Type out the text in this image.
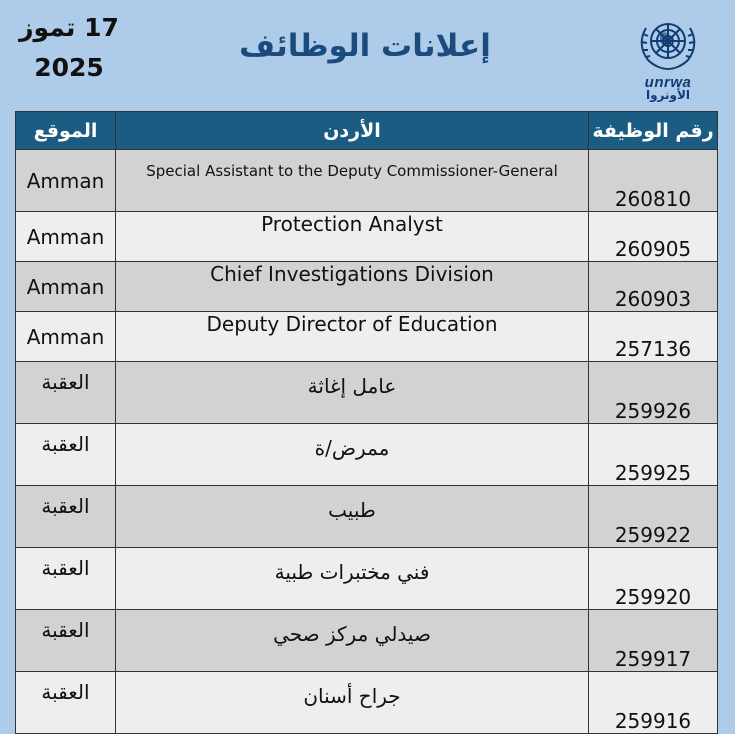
17 تموز
2025
إعلانات الوظائف
unrwa
الأونروا
الموقع	الأردن	رقم الوظيفة
Amman	Special Assistant to the Deputy Commissioner-General	260810
Amman	Protection Analyst	260905
Amman	Chief Investigations Division	260903
Amman	Deputy Director of Education	257136
العقبة	عامل إغاثة	259926
العقبة	ممرض/ة	259925
العقبة	طبيب	259922
العقبة	فني مختبرات طبية	259920
العقبة	صيدلي مركز صحي	259917
العقبة	جراح أسنان	259916
